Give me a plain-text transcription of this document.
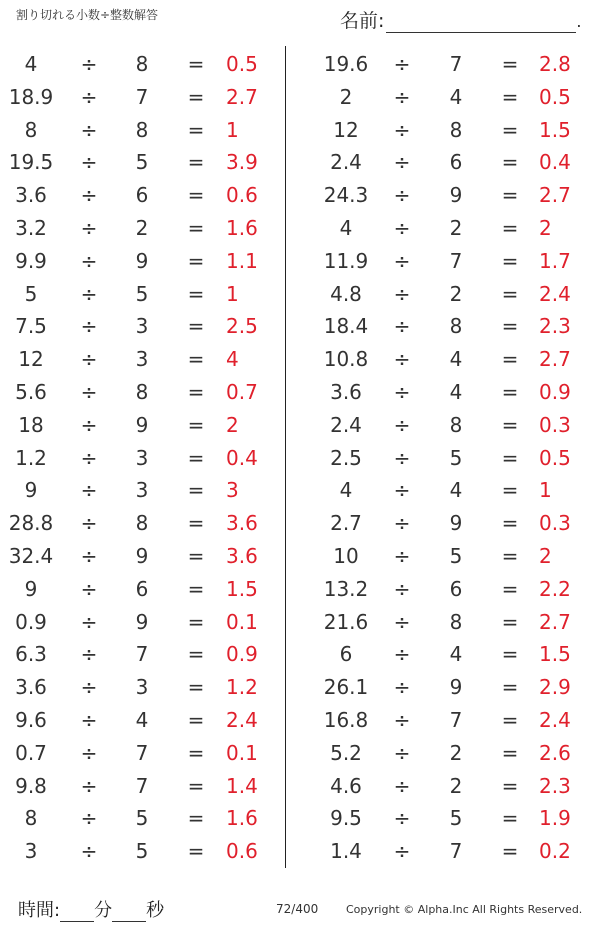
割り切れる小数÷整数解答	名前:	.
4	÷	8	=	0.5
18.9	÷	7	=	2.7
8	÷	8	=	1
19.5	÷	5	=	3.9
3.6	÷	6	=	0.6
3.2	÷	2	=	1.6
9.9	÷	9	=	1.1
5	÷	5	=	1
7.5	÷	3	=	2.5
12	÷	3	=	4
5.6	÷	8	=	0.7
18	÷	9	=	2
1.2	÷	3	=	0.4
9	÷	3	=	3
28.8	÷	8	=	3.6
32.4	÷	9	=	3.6
9	÷	6	=	1.5
0.9	÷	9	=	0.1
6.3	÷	7	=	0.9
3.6	÷	3	=	1.2
9.6	÷	4	=	2.4
0.7	÷	7	=	0.1
9.8	÷	7	=	1.4
8	÷	5	=	1.6
3	÷	5	=	0.6
19.6	÷	7	=	2.8
2	÷	4	=	0.5
12	÷	8	=	1.5
2.4	÷	6	=	0.4
24.3	÷	9	=	2.7
4	÷	2	=	2
11.9	÷	7	=	1.7
4.8	÷	2	=	2.4
18.4	÷	8	=	2.3
10.8	÷	4	=	2.7
3.6	÷	4	=	0.9
2.4	÷	8	=	0.3
2.5	÷	5	=	0.5
4	÷	4	=	1
2.7	÷	9	=	0.3
10	÷	5	=	2
13.2	÷	6	=	2.2
21.6	÷	8	=	2.7
6	÷	4	=	1.5
26.1	÷	9	=	2.9
16.8	÷	7	=	2.4
5.2	÷	2	=	2.6
4.6	÷	2	=	2.3
9.5	÷	5	=	1.9
1.4	÷	7	=	0.2
時間: 分 秒	72/400	Copyright © Alpha.Inc All Rights Reserved.
